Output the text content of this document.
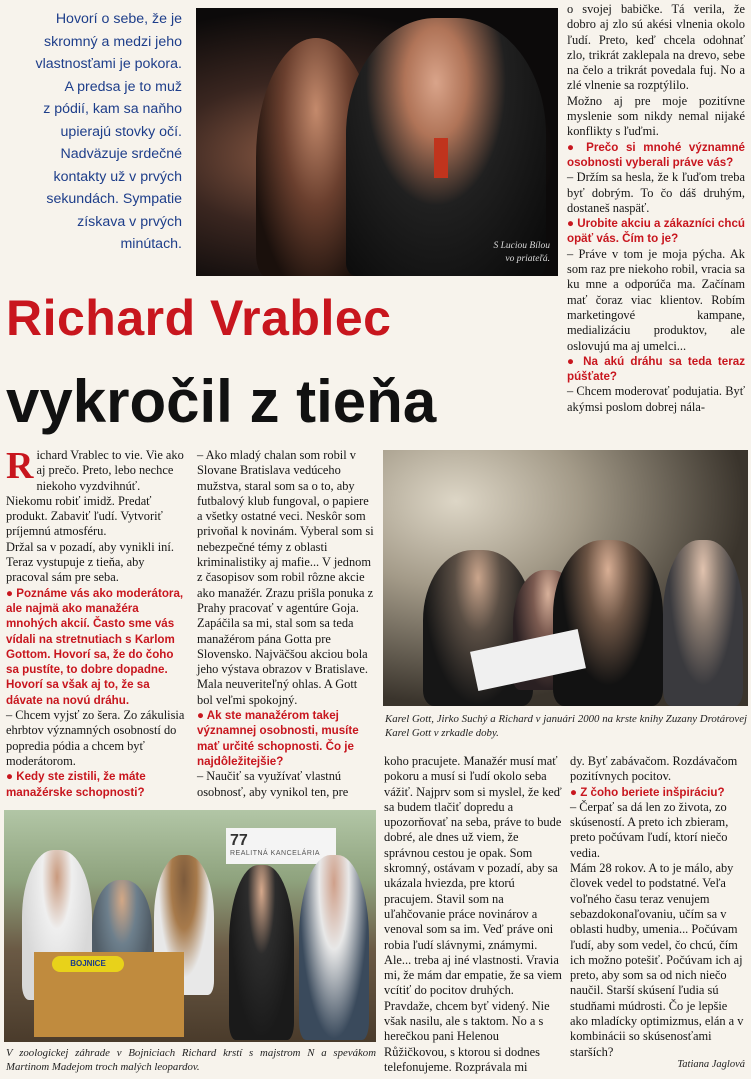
Hovorí o sebe, že je
skromný a medzi jeho
vlastnosťami je pokora.
A predsa je to muž
z pódií, kam sa naňho
upierajú stovky očí.
Nadväzuje srdečné
kontakty už v prvých
sekundách. Sympatie
získava v prvých
minútach.	S Luciou Bílou
vo priateľá.

o svojej babičke. Tá verila, že dobro aj zlo sú akési vlnenia okolo ľudí. Preto, keď chcela odohnať zlo, trikrát zaklepala na drevo, sebe na čelo a trikrát povedala fuj. No a zlé vlnenie sa rozptýlilo.

Možno aj pre moje pozitívne myslenie som nikdy nemal nijaké konflikty s ľuďmi.

● Prečo si mnohé významné osobnosti vyberali práve vás?

– Držím sa hesla, že k ľuďom treba byť dobrým. To čo dáš druhým, dostaneš naspäť.

● Urobite akciu a zákazníci chcú opäť vás. Čím to je?

– Práve v tom je moja pýcha. Ak som raz pre niekoho robil, vracia sa ku mne a odporúča ma. Začínam mať čoraz viac klientov. Robím marketingové kampane, medializáciu produktov, ale oslovujú ma aj umelci...

● Na akú dráhu sa teda teraz púšťate?

– Chcem moderovať podujatia. Byť akýmsi poslom dobrej nála-

Richard Vrablec
vykročil z tieňa

Richard Vrablec to vie. Vie ako aj prečo. Preto, lebo nechce niekoho vyzdvihnúť. Niekomu robiť imidž. Predať produkt. Zabaviť ľudí. Vytvoriť príjemnú atmosféru.

Držal sa v pozadí, aby vynikli iní. Teraz vystupuje z tieňa, aby pracoval sám pre seba.

● Poznáme vás ako moderátora, ale najmä ako manažéra mnohých akcií. Často sme vás vídali na stretnutiach s Karlom Gottom. Hovorí sa, že do čoho sa pustíte, to dobre dopadne. Hovorí sa však aj to, že sa dávate na novú dráhu.

– Chcem vyjsť zo šera. Zo zákulisia ehrbtov významných osobností do popredia pódia a chcem byť moderátorom.

● Kedy ste zistili, že máte manažérske schopnosti?

– Ako mladý chalan som robil v Slovane Bratislava vedúceho mužstva, staral som sa o to, aby futbalový klub fungoval, o papiere a všetky ostatné veci. Neskôr som privoňal k novinám. Vyberal som si nebezpečné témy z oblasti kriminalistiky aj mafie... V jednom z časopisov som robil rôzne akcie ako manažér. Zrazu prišla ponuka z Prahy pracovať v agentúre Goja. Zapáčila sa mi, stal som sa teda manažérom pána Gotta pre Slovensko. Najväčšou akciou bola jeho výstava obrazov v Bratislave. Mala neuveriteľný ohlas. A Gott bol veľmi spokojný.

● Ak ste manažérom takej významnej osobnosti, musíte mať určité schopnosti. Čo je najdôležitejšie?

– Naučiť sa využívať vlastnú osobnosť, aby vynikol ten, pre

Karel Gott, Jirko Suchý a Richard v januári 2000 na krste knihy Zuzany Drotárovej Karel Gott v zrkadle doby.

koho pracujete. Manažér musí mať pokoru a musí si ľudí okolo seba vážiť. Najprv som si myslel, že keď sa budem tlačiť dopredu a upozorňovať na seba, práve to bude dobré, ale dnes už viem, že správnou cestou je opak. Som skromný, ostávam v pozadí, aby sa ukázala hviezda, pre ktorú pracujem. Stavil som na uľahčovanie práce novinárov a venoval som sa im. Veď práve oni robia ľudí slávnymi, známymi. Ale... treba aj iné vlastnosti. Vravia mi, že mám dar empatie, že sa viem vcítiť do pocitov druhých. Pravdaže, chcem byť videný. Nie však nasilu, ale s taktom. No a s herečkou pani Helenou Růžičkovou, s ktorou si dodnes telefonujeme. Rozprávala mi

dy. Byť zabávačom. Rozdávačom pozitívnych pocitov.

● Z čoho beriete inšpiráciu?

– Čerpať sa dá len zo života, zo skúseností. A preto ich zbieram, preto počúvam ľudí, ktorí niečo vedia.

Mám 28 rokov. A to je málo, aby človek vedel to podstatné. Veľa voľného času teraz venujem sebazdokonaľovaniu, učím sa v oblasti hudby, umenia... Počúvam ľudí, aby som vedel, čo chcú, čím ich možno potešiť. Počúvam ich aj preto, aby som sa od nich niečo naučil. Starší skúsení ľudia sú studňami múdrosti. Čo je lepšie ako mladícky optimizmus, elán a v kombinácii so skúsenosťami starších?

Tatiana Jaglová
77
REALITNÁ KANCELÁRIA
BOJNICE
V zoologickej záhrade v Bojniciach Richard krstí s majstrom N a spevákom Martinom Madejom troch malých leopardov.
